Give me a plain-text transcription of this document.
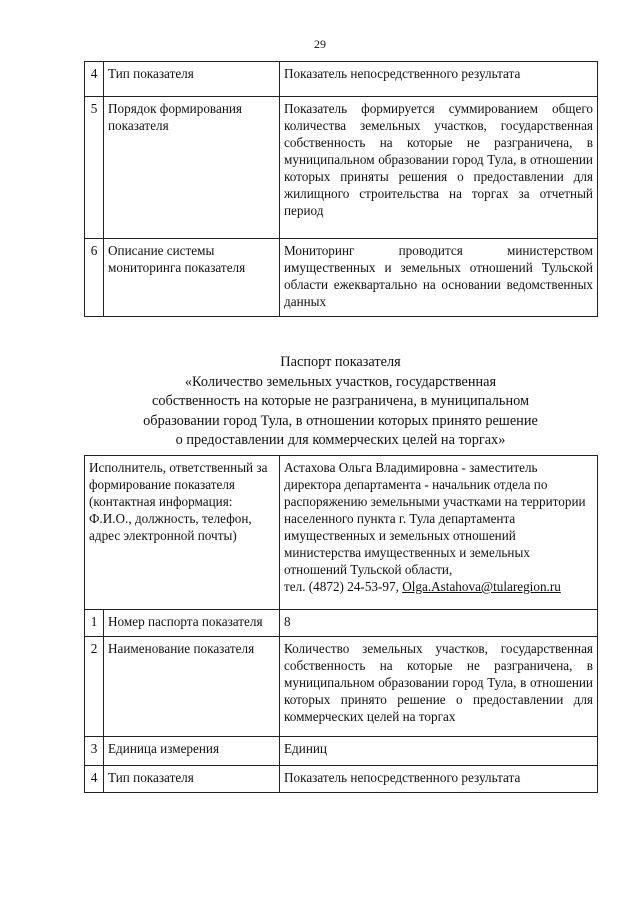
29
4	Тип показателя	Показатель непосредственного результата
5	Порядок формирования показателя	Показатель формируется суммированием общего количества земельных участков, государственная собственность на которые не разграничена, в муниципальном образовании город Тула, в отношении которых приняты решения о предоставлении для жилищного строительства на торгах за отчетный период
6	Описание системы мониторинга показателя	Мониторинг проводится министерством имущественных и земельных отношений Тульской области ежеквартально на основании ведомственных данных
Паспорт показателя
«Количество земельных участков, государственная
собственность на которые не разграничена, в муниципальном
образовании город Тула, в отношении которых принято решение
о предоставлении для коммерческих целей на торгах»
Исполнитель, ответственный за формирование показателя (контактная информация: Ф.И.О., должность, телефон, адрес электронной почты)		Астахова Ольга Владимировна - заместитель директора департамента - начальник отдела по распоряжению земельными участками на территории населенного пункта г. Тула департамента имущественных и земельных отношений министерства имущественных и земельных отношений Тульской области,
тел. (4872) 24-53-97, Olga.Astahova@tularegion.ru

1	Номер паспорта показателя	8
2	Наименование показателя	Количество земельных участков, государственная собственность на которые не разграничена, в муниципальном образовании город Тула, в отношении которых принято решение о предоставлении для коммерческих целей на торгах
3	Единица измерения	Единиц
4	Тип показателя	Показатель непосредственного результата
